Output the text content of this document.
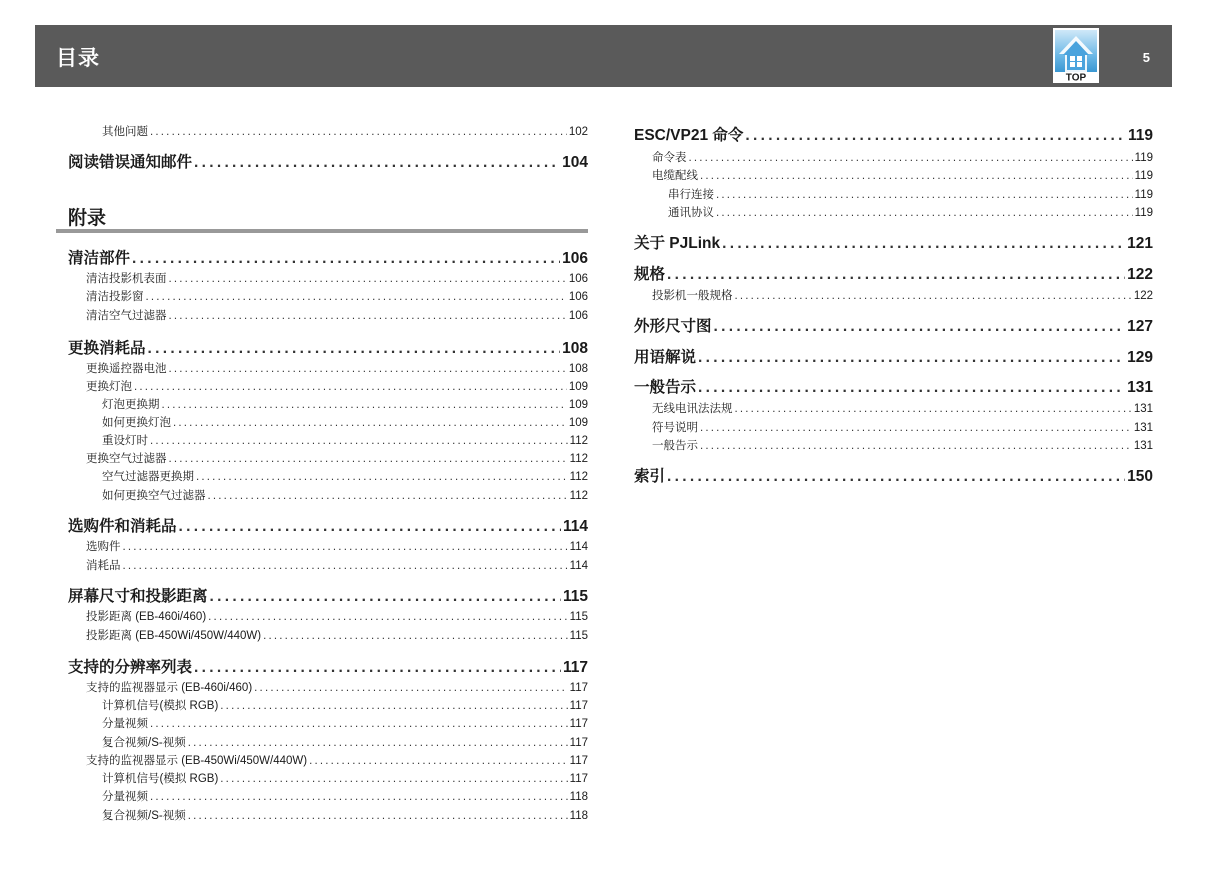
目录	5
TOP
附录
其他问题 .....	102
阅读错误通知邮件 .....	104
清洁部件 .....	106
清洁投影机表面 .....	106
清洁投影窗 .....	106
清洁空气过滤器 .....	106
更换消耗品 .....	108
更换遥控器电池 .....	108
更换灯泡 .....	109
灯泡更换期 .....	109
如何更换灯泡 .....	109
重设灯时 .....	112
更换空气过滤器 .....	112
空气过滤器更换期 .....	112
如何更换空气过滤器 .....	112
选购件和消耗品 .....	114
选购件 .....	114
消耗品 .....	114
屏幕尺寸和投影距离 .....	115
投影距离 (EB-460i/460) .....	115
投影距离 (EB-450Wi/450W/440W) .....	115
支持的分辨率列表 .....	117
支持的监视器显示 (EB-460i/460) .....	117
计算机信号(模拟 RGB) .....	117
分量视频 .....	117
复合视频/S-视频 .....	117
支持的监视器显示 (EB-450Wi/450W/440W) .....	117
计算机信号(模拟 RGB) .....	117
分量视频 .....	118
复合视频/S-视频 .....	118
ESC/VP21 命令 .....	119
命令表 .....	119
电缆配线 .....	119
串行连接 .....	119
通讯协议 .....	119
关于 PJLink .....	121
规格 .....	122
投影机一般规格 .....	122
外形尺寸图 .....	127
用语解说 .....	129
一般告示 .....	131
无线电讯法法规 .....	131
符号说明 .....	131
一般告示 .....	131
索引 .....	150
